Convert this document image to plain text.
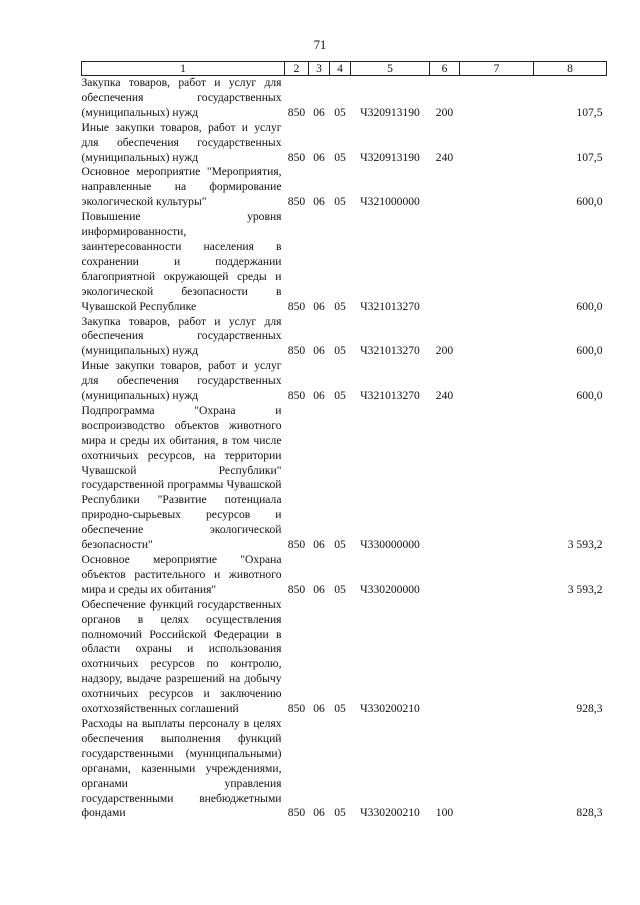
71
1	2	3	4	5	6	7	8
Закупка товаров, работ и услуг для обеспечения государственных (муниципальных) нужд	850	06	05	Ч320913190	200		107,5
Иные закупки товаров, работ и услуг для обеспечения государственных (муниципальных) нужд	850	06	05	Ч320913190	240		107,5
Основное мероприятие "Мероприятия, направленные на формирование экологической культуры"	850	06	05	Ч321000000			600,0
Повышение уровня информированности, заинтересованности населения в сохранении и поддержании благоприятной окружающей среды и экологической безопасности в Чувашской Республике	850	06	05	Ч321013270			600,0
Закупка товаров, работ и услуг для обеспечения государственных (муниципальных) нужд	850	06	05	Ч321013270	200		600,0
Иные закупки товаров, работ и услуг для обеспечения государственных (муниципальных) нужд	850	06	05	Ч321013270	240		600,0
Подпрограмма "Охрана и воспроизводство объектов животного мира и среды их обитания, в том числе охотничьих ресурсов, на территории Чувашской Республики" государственной программы Чувашской Республики "Развитие потенциала природно-сырьевых ресурсов и обеспечение экологической безопасности"	850	06	05	Ч330000000			3 593,2
Основное мероприятие "Охрана объектов растительного и животного мира и среды их обитания"	850	06	05	Ч330200000			3 593,2
Обеспечение функций государственных органов в целях осуществления полномочий Российской Федерации в области охраны и использования охотничьих ресурсов по контролю, надзору, выдаче разрешений на добычу охотничьих ресурсов и заключению охотхозяйственных соглашений	850	06	05	Ч330200210			928,3
Расходы на выплаты персоналу в целях обеспечения выполнения функций государственными (муниципальными) органами, казенными учреждениями, органами управления государственными внебюджетными фондами	850	06	05	Ч330200210	100		828,3
